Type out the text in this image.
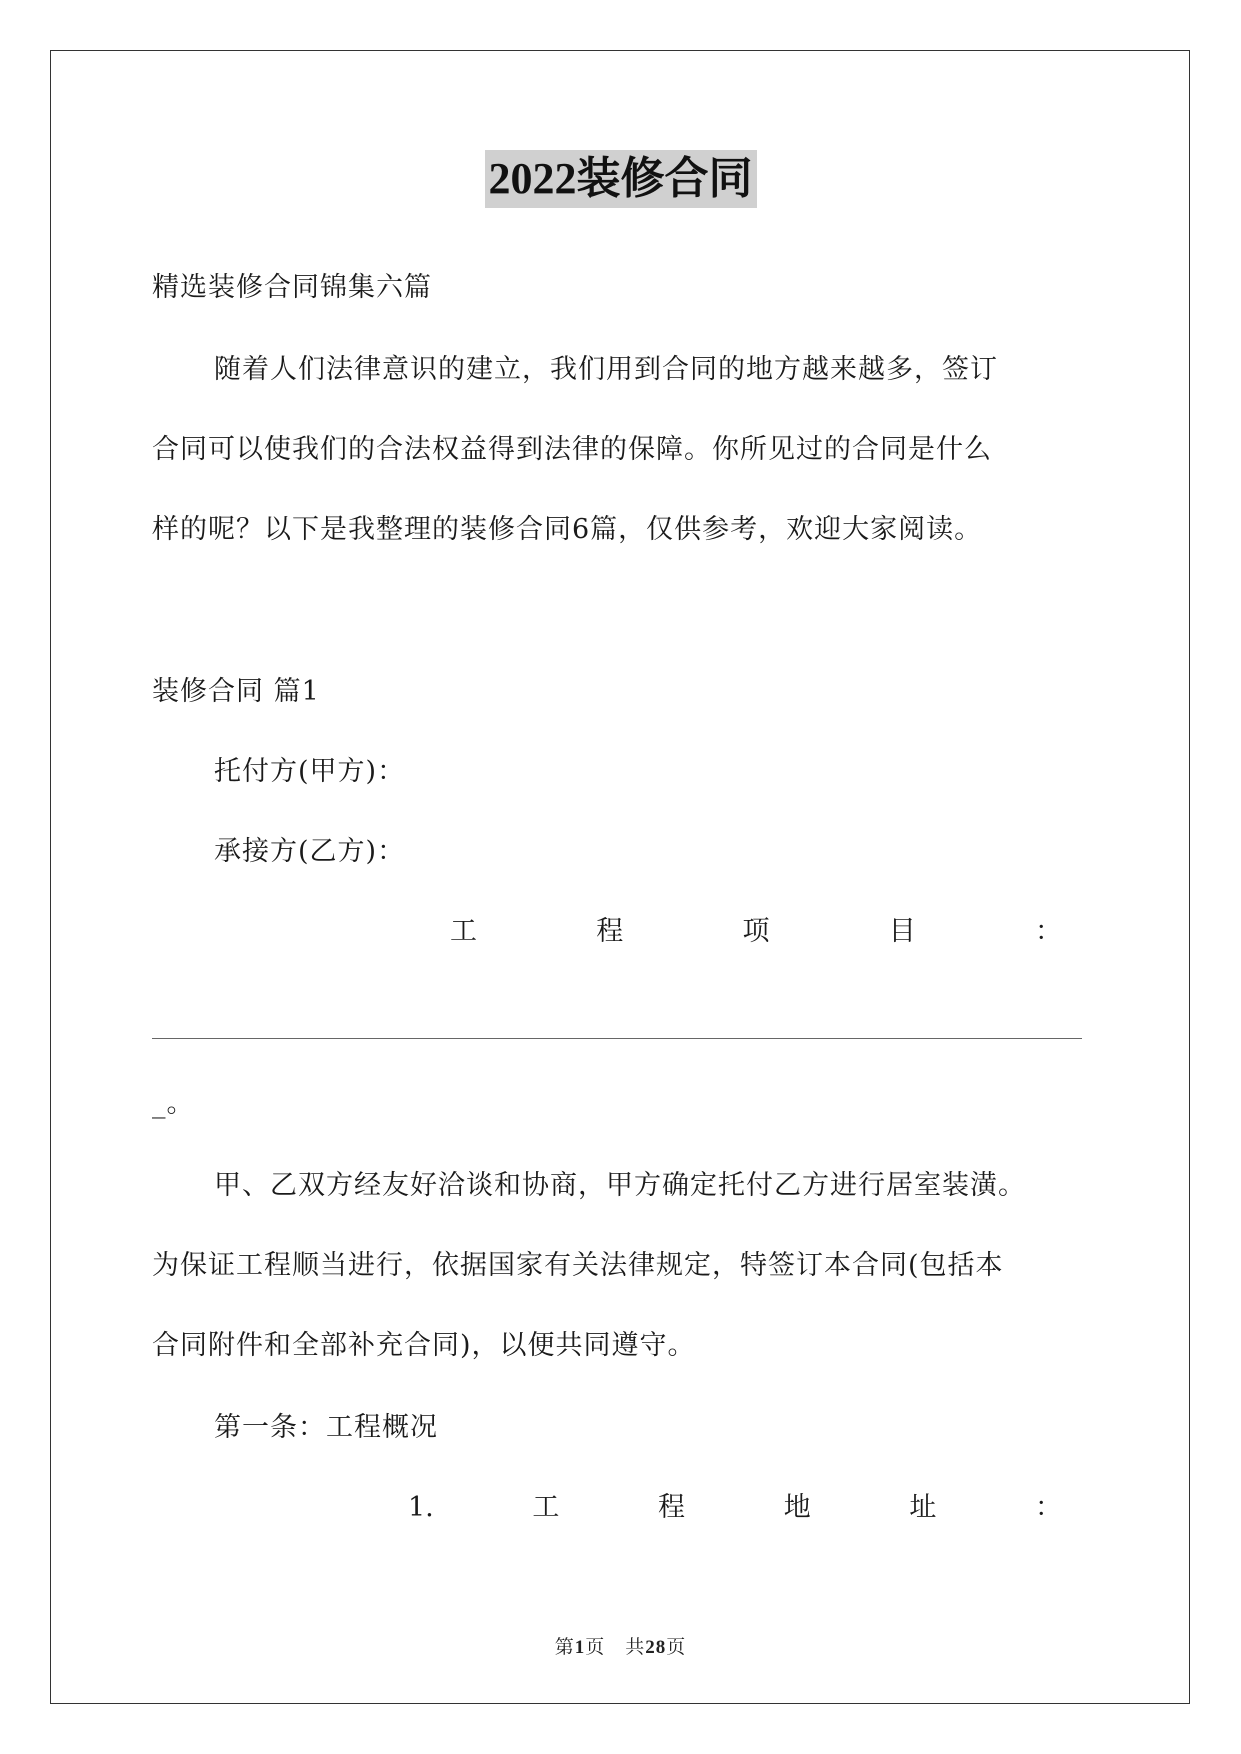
2022装修合同
精选装修合同锦集六篇
随着人们法律意识的建立，我们用到合同的地方越来越多，签订
合同可以使我们的合法权益得到法律的保障。你所见过的合同是什么
样的呢？以下是我整理的装修合同6篇，仅供参考，欢迎大家阅读。
装修合同 篇1
托付方(甲方)：
承接方(乙方)：
工	程	项	目	：
_。
甲、乙双方经友好洽谈和协商，甲方确定托付乙方进行居室装潢。
为保证工程顺当进行，依据国家有关法律规定，特签订本合同(包括本
合同附件和全部补充合同)，以便共同遵守。
第一条：工程概况
1.	工	程	地	址	：
第1页　共28页
